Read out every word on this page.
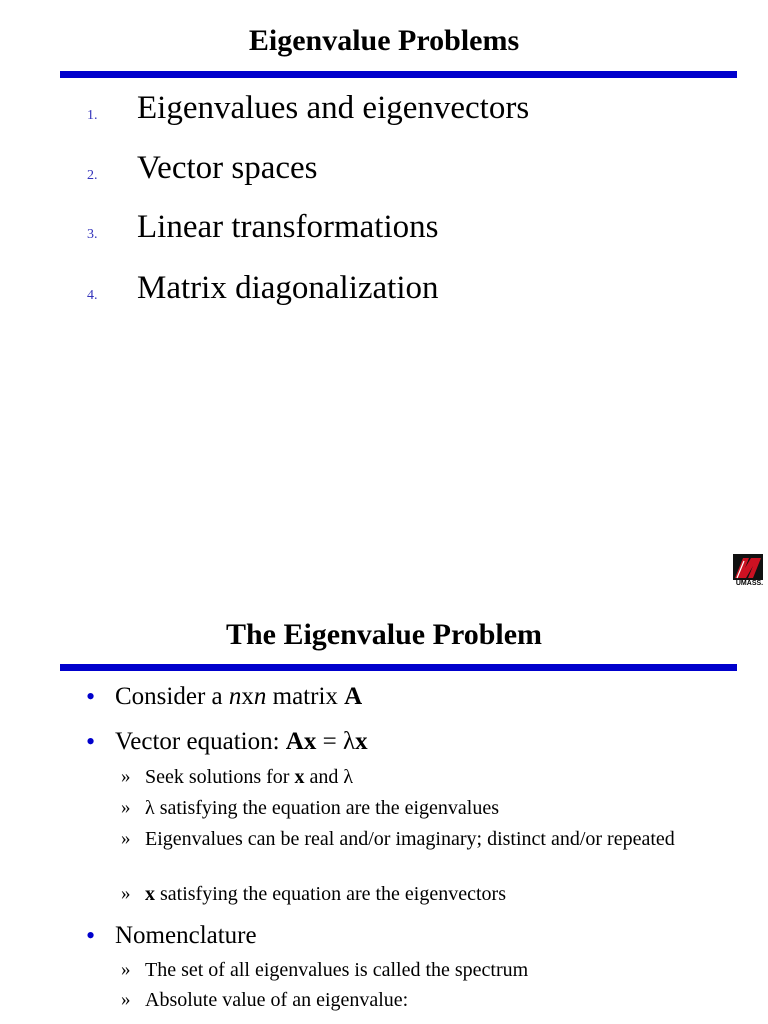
Eigenvalue Problems
1. Eigenvalues and eigenvectors
2. Vector spaces
3. Linear transformations
4. Matrix diagonalization
UMASS.
The Eigenvalue Problem
• Consider a nxn matrix A
• Vector equation: Ax = λx
» Seek solutions for x and λ
» λ satisfying the equation are the eigenvalues
» Eigenvalues can be real and/or imaginary; distinct and/or repeated
» x satisfying the equation are the eigenvectors
• Nomenclature
» The set of all eigenvalues is called the spectrum
» Absolute value of an eigenvalue:
